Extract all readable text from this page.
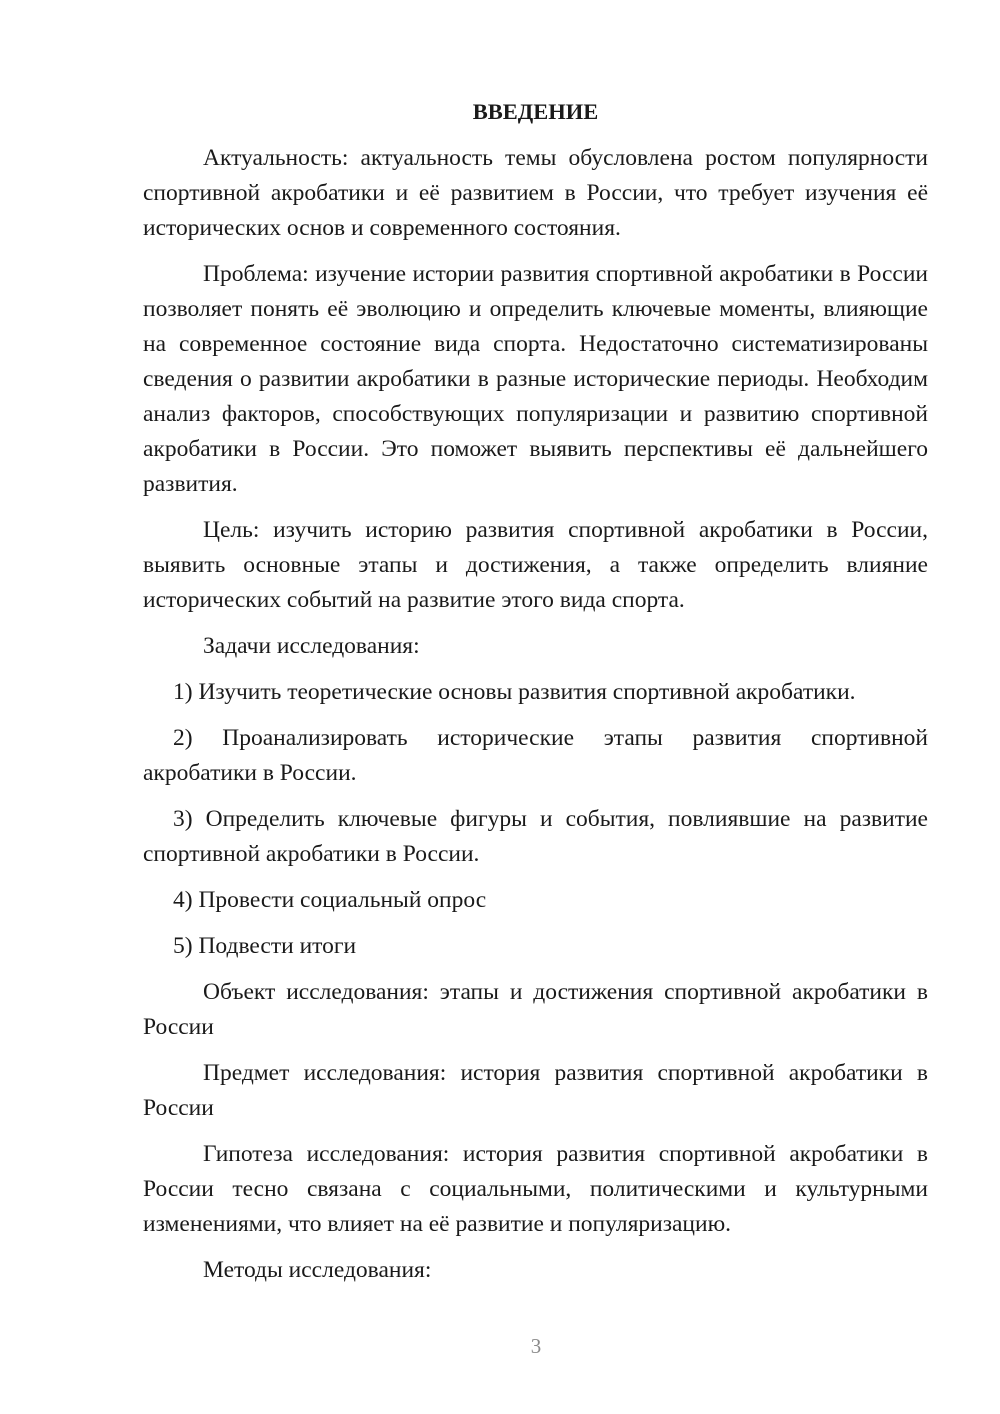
ВВЕДЕНИЕ

Актуальность: актуальность темы обусловлена ростом популярности спортивной акробатики и её развитием в России, что требует изучения её исторических основ и современного состояния.

Проблема: изучение истории развития спортивной акробатики в России позволяет понять её эволюцию и определить ключевые моменты, влияющие на современное состояние вида спорта. Недостаточно систематизированы сведения о развитии акробатики в разные исторические периоды. Необходим анализ факторов, способствующих популяризации и развитию спортивной акробатики в России. Это поможет выявить перспективы её дальнейшего развития.

Цель: изучить историю развития спортивной акробатики в России, выявить основные этапы и достижения, а также определить влияние исторических событий на развитие этого вида спорта.

Задачи исследования:

1) Изучить теоретические основы развития спортивной акробатики.

2) Проанализировать исторические этапы развития спортивной акробатики в России.

3) Определить ключевые фигуры и события, повлиявшие на развитие спортивной акробатики в России.

4) Провести социальный опрос

5) Подвести итоги

Объект исследования: этапы и достижения спортивной акробатики в России

Предмет исследования: история развития спортивной акробатики в России

Гипотеза исследования: история развития спортивной акробатики в России тесно связана с социальными, политическими и культурными изменениями, что влияет на её развитие и популяризацию.

Методы исследования:

3
